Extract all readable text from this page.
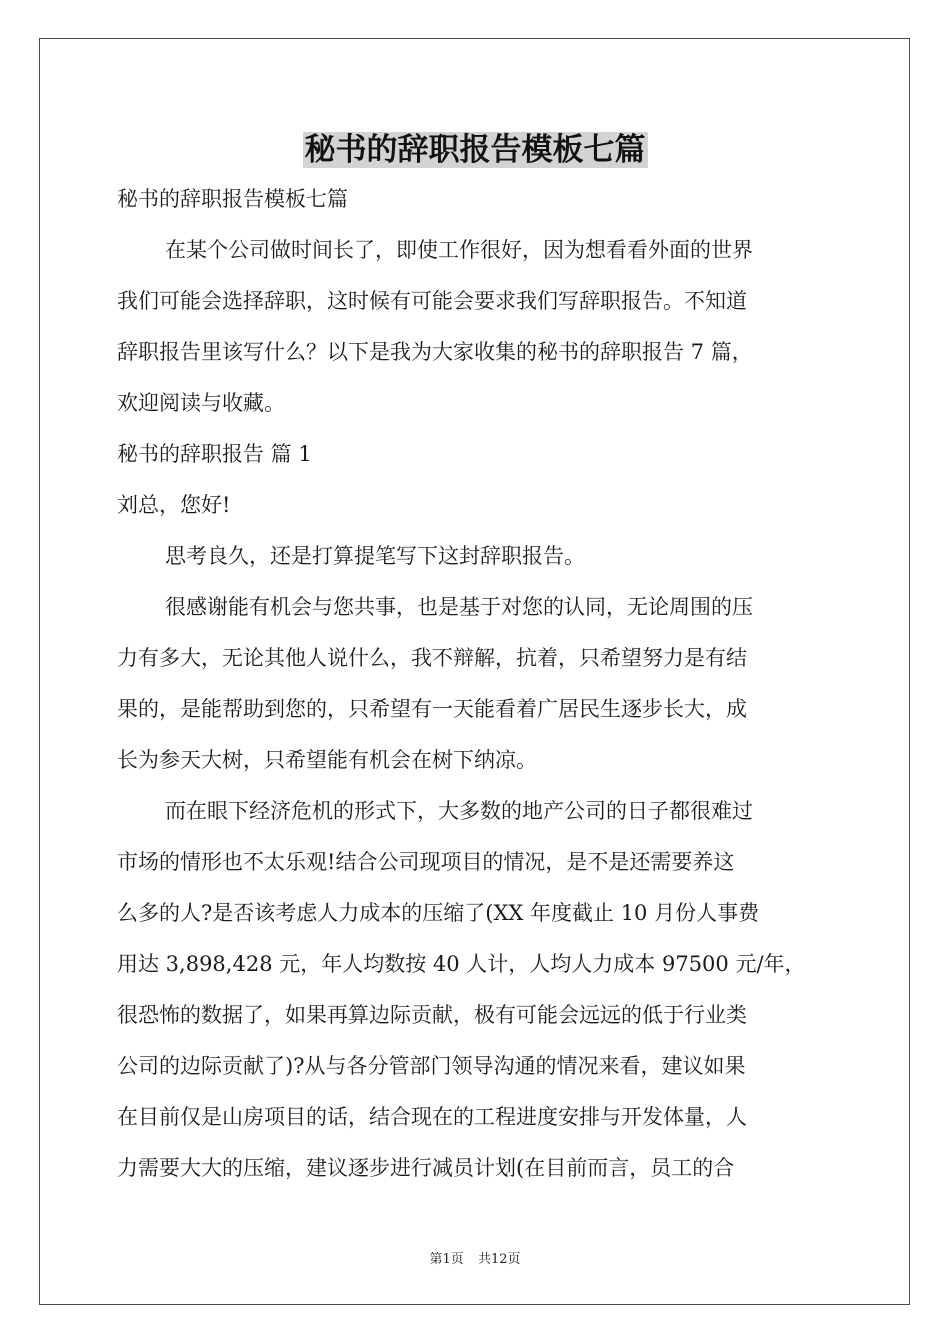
秘书的辞职报告模板七篇
秘书的辞职报告模板七篇
在某个公司做时间长了，即使工作很好，因为想看看外面的世界
我们可能会选择辞职，这时候有可能会要求我们写辞职报告。不知道
辞职报告里该写什么？以下是我为大家收集的秘书的辞职报告 7 篇，
欢迎阅读与收藏。
秘书的辞职报告 篇 1
刘总，您好!
思考良久，还是打算提笔写下这封辞职报告。
很感谢能有机会与您共事，也是基于对您的认同，无论周围的压
力有多大，无论其他人说什么，我不辩解，抗着，只希望努力是有结
果的，是能帮助到您的，只希望有一天能看着广居民生逐步长大，成
长为参天大树，只希望能有机会在树下纳凉。
而在眼下经济危机的形式下，大多数的地产公司的日子都很难过
市场的情形也不太乐观!结合公司现项目的情况，是不是还需要养这
么多的人?是否该考虑人力成本的压缩了(XX 年度截止 10 月份人事费
用达 3,898,428 元，年人均数按 40 人计，人均人力成本 97500 元/年，
很恐怖的数据了，如果再算边际贡献，极有可能会远远的低于行业类
公司的边际贡献了)?从与各分管部门领导沟通的情况来看，建议如果
在目前仅是山房项目的话，结合现在的工程进度安排与开发体量，人
力需要大大的压缩，建议逐步进行减员计划(在目前而言，员工的合
第1页 共12页
